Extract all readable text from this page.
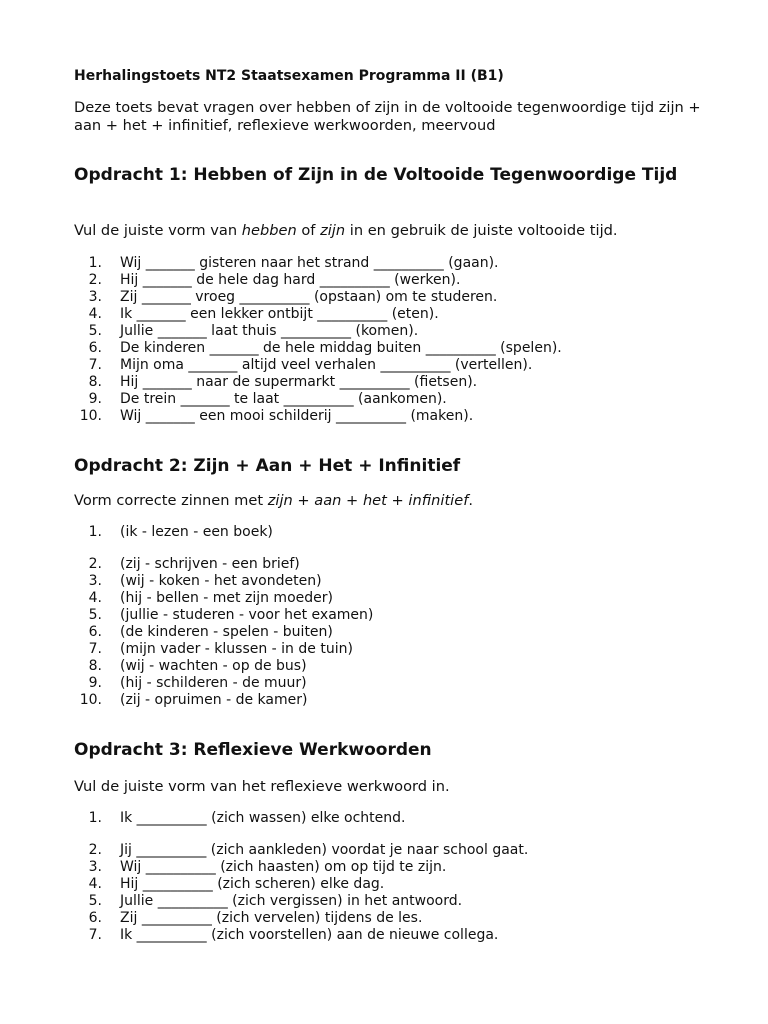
Herhalingstoets NT2 Staatsexamen Programma II (B1)

Deze toets bevat vragen over hebben of zijn in de voltooide tegenwoordige tijd zijn + aan + het + infinitief, reflexieve werkwoorden, meervoud

Opdracht 1: Hebben of Zijn in de Voltooide Tegenwoordige Tijd

Vul de juiste vorm van hebben of zijn in en gebruik de juiste voltooide tijd.

1. Wij _______ gisteren naar het strand __________ (gaan).
2. Hij _______ de hele dag hard __________ (werken).
3. Zij _______ vroeg __________ (opstaan) om te studeren.
4. Ik _______ een lekker ontbijt __________ (eten).
5. Jullie _______ laat thuis __________ (komen).
6. De kinderen _______ de hele middag buiten __________ (spelen).
7. Mijn oma _______ altijd veel verhalen __________ (vertellen).
8. Hij _______ naar de supermarkt __________ (fietsen).
9. De trein _______ te laat __________ (aankomen).
10. Wij _______ een mooi schilderij __________ (maken).
Opdracht 2: Zijn + Aan + Het + Infinitief

Vorm correcte zinnen met zijn + aan + het + infinitief.

1. (ik - lezen - een boek)
2. (zij - schrijven - een brief)
3. (wij - koken - het avondeten)
4. (hij - bellen - met zijn moeder)
5. (jullie - studeren - voor het examen)
6. (de kinderen - spelen - buiten)
7. (mijn vader - klussen - in de tuin)
8. (wij - wachten - op de bus)
9. (hij - schilderen - de muur)
10. (zij - opruimen - de kamer)
Opdracht 3: Reflexieve Werkwoorden

Vul de juiste vorm van het reflexieve werkwoord in.

1. Ik __________ (zich wassen) elke ochtend.
2. Jij __________ (zich aankleden) voordat je naar school gaat.
3. Wij __________ (zich haasten) om op tijd te zijn.
4. Hij __________ (zich scheren) elke dag.
5. Jullie __________ (zich vergissen) in het antwoord.
6. Zij __________ (zich vervelen) tijdens de les.
7. Ik __________ (zich voorstellen) aan de nieuwe collega.
